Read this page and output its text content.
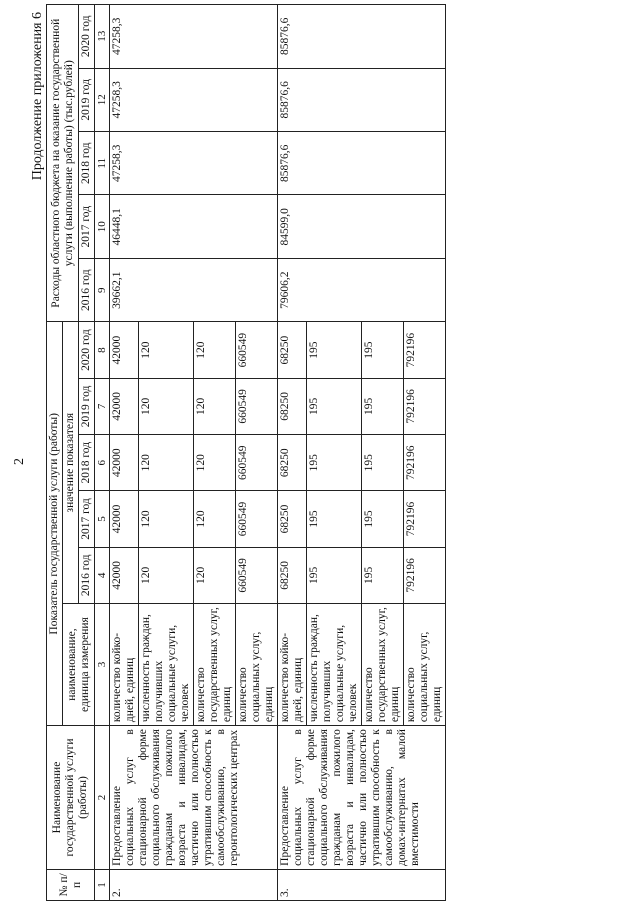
2
Продолжение приложения 6
№ п/п	Наименование государственной услуги (работы)	Показатель государственной услуги (работы)						Расходы областного бюджета на оказание государственной услуги (выполнение работы) (тыс.рублей)				
		наименование, единица измерения	значение показателя									
			2016 год	2017 год	2018 год	2019 год	2020 год	2016 год	2017 год	2018 год	2019 год	2020 год
1	2	3	4	5	6	7	8	9	10	11	12	13
2.	Предоставление социальных услуг в стационарной форме социального обслуживания гражданам пожилого возраста и инвалидам, частично или полностью утратившим способность к самообслуживанию, в геронтологических центрах	количество койко-дней, единиц	42000	42000	42000	42000	42000	39662,1	46448,1	47258,3	47258,3	47258,3
		численность граждан, получивших социальные услуги, человек	120	120	120	120	120					
		количество государственных услуг, единиц	120	120	120	120	120					
		количество социальных услуг, единиц	660549	660549	660549	660549	660549					
3.	Предоставление социальных услуг в стационарной форме социального обслуживания гражданам пожилого возраста и инвалидам, частично или полностью утратившим способность к самообслуживанию, в домах-интернатах малой вместимости	количество койко-дней, единиц	68250	68250	68250	68250	68250	79606,2	84599,0	85876,6	85876,6	85876,6
		численность граждан, получивших социальные услуги, человек	195	195	195	195	195					
		количество государственных услуг, единиц	195	195	195	195	195					
		количество социальных услуг, единиц	792196	792196	792196	792196	792196					
